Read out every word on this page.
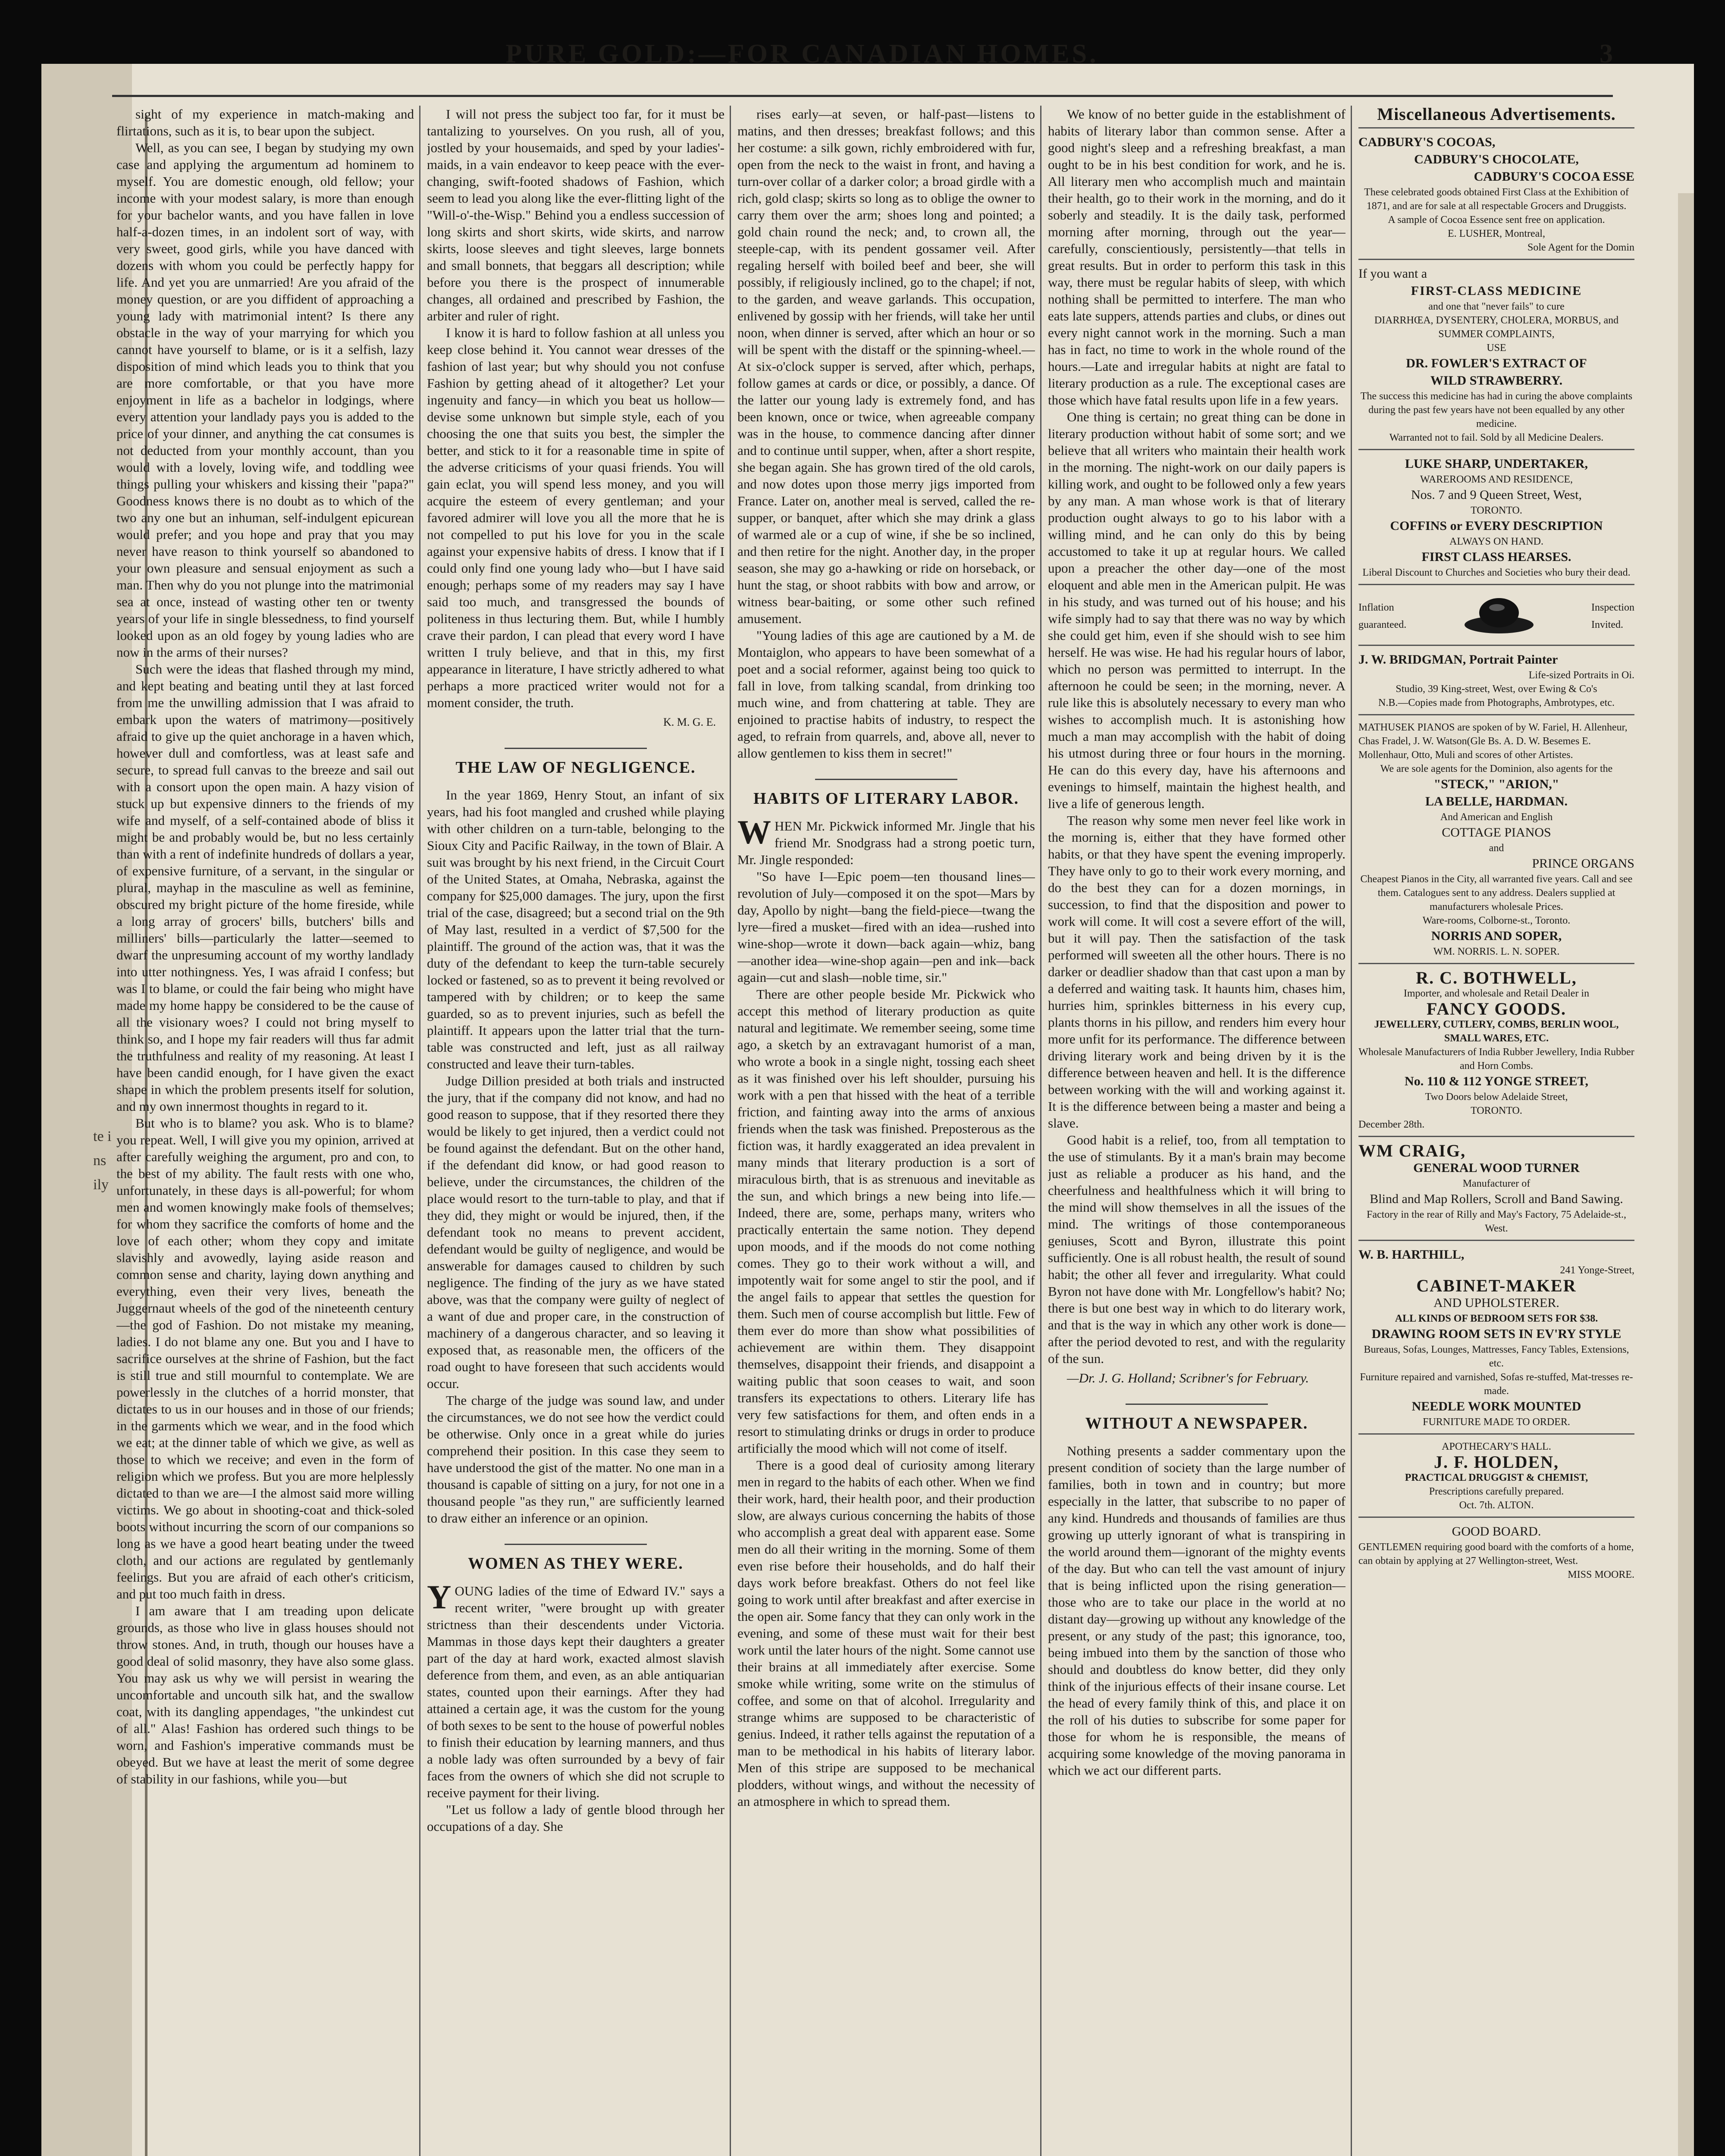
te i ns ily
PURE GOLD:—FOR CANADIAN HOMES.	3

sight of my experience in match-making and flirtations, such as it is, to bear upon the subject.

Well, as you can see, I began by studying my own case and applying the argumentum ad hominem to myself. You are domestic enough, old fellow; your income with your modest salary, is more than enough for your bachelor wants, and you have fallen in love half-a-dozen times, in an indolent sort of way, with very sweet, good girls, while you have danced with dozens with whom you could be perfectly happy for life. And yet you are unmarried! Are you afraid of the money question, or are you diffident of approaching a young lady with matrimonial intent? Is there any obstacle in the way of your marrying for which you cannot have yourself to blame, or is it a selfish, lazy disposition of mind which leads you to think that you are more comfortable, or that you have more enjoyment in life as a bachelor in lodgings, where every attention your landlady pays you is added to the price of your dinner, and anything the cat consumes is not deducted from your monthly account, than you would with a lovely, loving wife, and toddling wee things pulling your whiskers and kissing their "papa?" Goodness knows there is no doubt as to which of the two any one but an inhuman, self-indulgent epicurean would prefer; and you hope and pray that you may never have reason to think yourself so abandoned to your own pleasure and sensual enjoyment as such a man. Then why do you not plunge into the matrimonial sea at once, instead of wasting other ten or twenty years of your life in single blessedness, to find yourself looked upon as an old fogey by young ladies who are now in the arms of their nurses?

Such were the ideas that flashed through my mind, and kept beating and beating until they at last forced from me the unwilling admission that I was afraid to embark upon the waters of matrimony—positively afraid to give up the quiet anchorage in a haven which, however dull and comfortless, was at least safe and secure, to spread full canvas to the breeze and sail out with a consort upon the open main. A hazy vision of stuck up but expensive dinners to the friends of my wife and myself, of a self-contained abode of bliss it might be and probably would be, but no less certainly than with a rent of indefinite hundreds of dollars a year, of expensive furniture, of a servant, in the singular or plural, mayhap in the masculine as well as feminine, obscured my bright picture of the home fireside, while a long array of grocers' bills, butchers' bills and milliners' bills—particularly the latter—seemed to dwarf the unpresuming account of my worthy landlady into utter nothingness. Yes, I was afraid I confess; but was I to blame, or could the fair being who might have made my home happy be considered to be the cause of all the visionary woes? I could not bring myself to think so, and I hope my fair readers will thus far admit the truthfulness and reality of my reasoning. At least I have been candid enough, for I have given the exact shape in which the problem presents itself for solution, and my own innermost thoughts in regard to it.

But who is to blame? you ask. Who is to blame? you repeat. Well, I will give you my opinion, arrived at after carefully weighing the argument, pro and con, to the best of my ability. The fault rests with one who, unfortunately, in these days is all-powerful; for whom men and women knowingly make fools of themselves; for whom they sacrifice the comforts of home and the love of each other; whom they copy and imitate slavishly and avowedly, laying aside reason and common sense and charity, laying down anything and everything, even their very lives, beneath the Juggernaut wheels of the god of the nineteenth century—the god of Fashion. Do not mistake my meaning, ladies. I do not blame any one. But you and I have to sacrifice ourselves at the shrine of Fashion, but the fact is still true and still mournful to contemplate. We are powerlessly in the clutches of a horrid monster, that dictates to us in our houses and in those of our friends; in the garments which we wear, and in the food which we eat; at the dinner table of which we give, as well as those to which we receive; and even in the form of religion which we profess. But you are more helplessly dictated to than we are—I the almost said more willing victims. We go about in shooting-coat and thick-soled boots without incurring the scorn of our companions so long as we have a good heart beating under the tweed cloth, and our actions are regulated by gentlemanly feelings. But you are afraid of each other's criticism, and put too much faith in dress.

I am aware that I am treading upon delicate grounds, as those who live in glass houses should not throw stones. And, in truth, though our houses have a good deal of solid masonry, they have also some glass. You may ask us why we will persist in wearing the uncomfortable and uncouth silk hat, and the swallow coat, with its dangling appendages, "the unkindest cut of all." Alas! Fashion has ordered such things to be worn, and Fashion's imperative commands must be obeyed. But we have at least the merit of some degree of stability in our fashions, while you—but

I will not press the subject too far, for it must be tantalizing to yourselves. On you rush, all of you, jostled by your housemaids, and sped by your ladies'-maids, in a vain endeavor to keep peace with the ever-changing, swift-footed shadows of Fashion, which seem to lead you along like the ever-flitting light of the "Will-o'-the-Wisp." Behind you a endless succession of long skirts and short skirts, wide skirts, and narrow skirts, loose sleeves and tight sleeves, large bonnets and small bonnets, that beggars all description; while before you there is the prospect of innumerable changes, all ordained and prescribed by Fashion, the arbiter and ruler of right.

I know it is hard to follow fashion at all unless you keep close behind it. You cannot wear dresses of the fashion of last year; but why should you not confuse Fashion by getting ahead of it altogether? Let your ingenuity and fancy—in which you beat us hollow—devise some unknown but simple style, each of you choosing the one that suits you best, the simpler the better, and stick to it for a reasonable time in spite of the adverse criticisms of your quasi friends. You will gain eclat, you will spend less money, and you will acquire the esteem of every gentleman; and your favored admirer will love you all the more that he is not compelled to put his love for you in the scale against your expensive habits of dress. I know that if I could only find one young lady who—but I have said enough; perhaps some of my readers may say I have said too much, and transgressed the bounds of politeness in thus lecturing them. But, while I humbly crave their pardon, I can plead that every word I have written I truly believe, and that in this, my first appearance in literature, I have strictly adhered to what perhaps a more practiced writer would not for a moment consider, the truth.

K. M. G. E.
THE LAW OF NEGLIGENCE.

In the year 1869, Henry Stout, an infant of six years, had his foot mangled and crushed while playing with other children on a turn-table, belonging to the Sioux City and Pacific Railway, in the town of Blair. A suit was brought by his next friend, in the Circuit Court of the United States, at Omaha, Nebraska, against the company for $25,000 damages. The jury, upon the first trial of the case, disagreed; but a second trial on the 9th of May last, resulted in a verdict of $7,500 for the plaintiff. The ground of the action was, that it was the duty of the defendant to keep the turn-table securely locked or fastened, so as to prevent it being revolved or tampered with by children; or to keep the same guarded, so as to prevent injuries, such as befell the plaintiff. It appears upon the latter trial that the turn-table was constructed and left, just as all railway constructed and leave their turn-tables.

Judge Dillion presided at both trials and instructed the jury, that if the company did not know, and had no good reason to suppose, that if they resorted there they would be likely to get injured, then a verdict could not be found against the defendant. But on the other hand, if the defendant did know, or had good reason to believe, under the circumstances, the children of the place would resort to the turn-table to play, and that if they did, they might or would be injured, then, if the defendant took no means to prevent accident, defendant would be guilty of negligence, and would be answerable for damages caused to children by such negligence. The finding of the jury as we have stated above, was that the company were guilty of neglect of a want of due and proper care, in the construction of machinery of a dangerous character, and so leaving it exposed that, as reasonable men, the officers of the road ought to have foreseen that such accidents would occur.

The charge of the judge was sound law, and under the circumstances, we do not see how the verdict could be otherwise. Only once in a great while do juries comprehend their position. In this case they seem to have understood the gist of the matter. No one man in a thousand is capable of sitting on a jury, for not one in a thousand people "as they run," are sufficiently learned to draw either an inference or an opinion.

WOMEN AS THEY WERE.

YOUNG ladies of the time of Edward IV." says a recent writer, "were brought up with greater strictness than their descendents under Victoria. Mammas in those days kept their daughters a greater part of the day at hard work, exacted almost slavish deference from them, and even, as an able antiquarian states, counted upon their earnings. After they had attained a certain age, it was the custom for the young of both sexes to be sent to the house of powerful nobles to finish their education by learning manners, and thus a noble lady was often surrounded by a bevy of fair faces from the owners of which she did not scruple to receive payment for their living.

"Let us follow a lady of gentle blood through her occupations of a day. She

rises early—at seven, or half-past—listens to matins, and then dresses; breakfast follows; and this her costume: a silk gown, richly embroidered with fur, open from the neck to the waist in front, and having a turn-over collar of a darker color; a broad girdle with a rich, gold clasp; skirts so long as to oblige the owner to carry them over the arm; shoes long and pointed; a gold chain round the neck; and, to crown all, the steeple-cap, with its pendent gossamer veil. After regaling herself with boiled beef and beer, she will possibly, if religiously inclined, go to the chapel; if not, to the garden, and weave garlands. This occupation, enlivened by gossip with her friends, will take her until noon, when dinner is served, after which an hour or so will be spent with the distaff or the spinning-wheel.—At six-o'clock supper is served, after which, perhaps, follow games at cards or dice, or possibly, a dance. Of the latter our young lady is extremely fond, and has been known, once or twice, when agreeable company was in the house, to commence dancing after dinner and to continue until supper, when, after a short respite, she began again. She has grown tired of the old carols, and now dotes upon those merry jigs imported from France. Later on, another meal is served, called the re-supper, or banquet, after which she may drink a glass of warmed ale or a cup of wine, if she be so inclined, and then retire for the night. Another day, in the proper season, she may go a-hawking or ride on horseback, or hunt the stag, or shoot rabbits with bow and arrow, or witness bear-baiting, or some other such refined amusement.

"Young ladies of this age are cautioned by a M. de Montaiglon, who appears to have been somewhat of a poet and a social reformer, against being too quick to fall in love, from talking scandal, from drinking too much wine, and from chattering at table. They are enjoined to practise habits of industry, to respect the aged, to refrain from quarrels, and, above all, never to allow gentlemen to kiss them in secret!"

HABITS OF LITERARY LABOR.

WHEN Mr. Pickwick informed Mr. Jingle that his friend Mr. Snodgrass had a strong poetic turn, Mr. Jingle responded:

"So have I—Epic poem—ten thousand lines—revolution of July—composed it on the spot—Mars by day, Apollo by night—bang the field-piece—twang the lyre—fired a musket—fired with an idea—rushed into wine-shop—wrote it down—back again—whiz, bang—another idea—wine-shop again—pen and ink—back again—cut and slash—noble time, sir."

There are other people beside Mr. Pickwick who accept this method of literary production as quite natural and legitimate. We remember seeing, some time ago, a sketch by an extravagant humorist of a man, who wrote a book in a single night, tossing each sheet as it was finished over his left shoulder, pursuing his work with a pen that hissed with the heat of a terrible friction, and fainting away into the arms of anxious friends when the task was finished. Preposterous as the fiction was, it hardly exaggerated an idea prevalent in many minds that literary production is a sort of miraculous birth, that is as strenuous and inevitable as the sun, and which brings a new being into life.—Indeed, there are, some, perhaps many, writers who practically entertain the same notion. They depend upon moods, and if the moods do not come nothing comes. They go to their work without a will, and impotently wait for some angel to stir the pool, and if the angel fails to appear that settles the question for them. Such men of course accomplish but little. Few of them ever do more than show what possibilities of achievement are within them. They disappoint themselves, disappoint their friends, and disappoint a waiting public that soon ceases to wait, and soon transfers its expectations to others. Literary life has very few satisfactions for them, and often ends in a resort to stimulating drinks or drugs in order to produce artificially the mood which will not come of itself.

There is a good deal of curiosity among literary men in regard to the habits of each other. When we find their work, hard, their health poor, and their production slow, are always curious concerning the habits of those who accomplish a great deal with apparent ease. Some men do all their writing in the morning. Some of them even rise before their households, and do half their days work before breakfast. Others do not feel like going to work until after breakfast and after exercise in the open air. Some fancy that they can only work in the evening, and some of these must wait for their best work until the later hours of the night. Some cannot use their brains at all immediately after exercise. Some smoke while writing, some write on the stimulus of coffee, and some on that of alcohol. Irregularity and strange whims are supposed to be characteristic of genius. Indeed, it rather tells against the reputation of a man to be methodical in his habits of literary labor. Men of this stripe are supposed to be mechanical plodders, without wings, and without the necessity of an atmosphere in which to spread them.

We know of no better guide in the establishment of habits of literary labor than common sense. After a good night's sleep and a refreshing breakfast, a man ought to be in his best condition for work, and he is. All literary men who accomplish much and maintain their health, go to their work in the morning, and do it soberly and steadily. It is the daily task, performed morning after morning, through out the year—carefully, conscientiously, persistently—that tells in great results. But in order to perform this task in this way, there must be regular habits of sleep, with which nothing shall be permitted to interfere. The man who eats late suppers, attends parties and clubs, or dines out every night cannot work in the morning. Such a man has in fact, no time to work in the whole round of the hours.—Late and irregular habits at night are fatal to literary production as a rule. The exceptional cases are those which have fatal results upon life in a few years.

One thing is certain; no great thing can be done in literary production without habit of some sort; and we believe that all writers who maintain their health work in the morning. The night-work on our daily papers is killing work, and ought to be followed only a few years by any man. A man whose work is that of literary production ought always to go to his labor with a willing mind, and he can only do this by being accustomed to take it up at regular hours. We called upon a preacher the other day—one of the most eloquent and able men in the American pulpit. He was in his study, and was turned out of his house; and his wife simply had to say that there was no way by which she could get him, even if she should wish to see him herself. He was wise. He had his regular hours of labor, which no person was permitted to interrupt. In the afternoon he could be seen; in the morning, never. A rule like this is absolutely necessary to every man who wishes to accomplish much. It is astonishing how much a man may accomplish with the habit of doing his utmost during three or four hours in the morning. He can do this every day, have his afternoons and evenings to himself, maintain the highest health, and live a life of generous length.

The reason why some men never feel like work in the morning is, either that they have formed other habits, or that they have spent the evening improperly. They have only to go to their work every morning, and do the best they can for a dozen mornings, in succession, to find that the disposition and power to work will come. It will cost a severe effort of the will, but it will pay. Then the satisfaction of the task performed will sweeten all the other hours. There is no darker or deadlier shadow than that cast upon a man by a deferred and waiting task. It haunts him, chases him, hurries him, sprinkles bitterness in his every cup, plants thorns in his pillow, and renders him every hour more unfit for its performance. The difference between driving literary work and being driven by it is the difference between heaven and hell. It is the difference between working with the will and working against it. It is the difference between being a master and being a slave.

Good habit is a relief, too, from all temptation to the use of stimulants. By it a man's brain may become just as reliable a producer as his hand, and the cheerfulness and healthfulness which it will bring to the mind will show themselves in all the issues of the mind. The writings of those contemporaneous geniuses, Scott and Byron, illustrate this point sufficiently. One is all robust health, the result of sound habit; the other all fever and irregularity. What could Byron not have done with Mr. Longfellow's habit? No; there is but one best way in which to do literary work, and that is the way in which any other work is done—after the period devoted to rest, and with the regularity of the sun.

—Dr. J. G. Holland; Scribner's for February.

WITHOUT A NEWSPAPER.

Nothing presents a sadder commentary upon the present condition of society than the large number of families, both in town and in country; but more especially in the latter, that subscribe to no paper of any kind. Hundreds and thousands of families are thus growing up utterly ignorant of what is transpiring in the world around them—ignorant of the mighty events of the day. But who can tell the vast amount of injury that is being inflicted upon the rising generation—those who are to take our place in the world at no distant day—growing up without any knowledge of the present, or any study of the past; this ignorance, too, being imbued into them by the sanction of those who should and doubtless do know better, did they only think of the injurious effects of their insane course. Let the head of every family think of this, and place it on the roll of his duties to subscribe for some paper for those for whom he is responsible, the means of acquiring some knowledge of the moving panorama in which we act our different parts.

Miscellaneous Advertisements.
CADBURY'S COCOAS,
CADBURY'S CHOCOLATE,
CADBURY'S COCOA ESSE
These celebrated goods obtained First Class at the Exhibition of 1871, and are for sale at all respectable Grocers and Druggists.
A sample of Cocoa Essence sent free on application.
E. LUSHER, Montreal,
Sole Agent for the Domin
If you want a
FIRST-CLASS MEDICINE
and one that "never fails" to cure
DIARRHŒA, DYSENTERY, CHOLERA, MORBUS, and SUMMER COMPLAINTS,
USE
DR. FOWLER'S EXTRACT OF
WILD STRAWBERRY.
The success this medicine has had in curing the above complaints during the past few years have not been equalled by any other medicine.
Warranted not to fail. Sold by all Medicine Dealers.
LUKE SHARP, UNDERTAKER,
WAREROOMS AND RESIDENCE,
Nos. 7 and 9 Queen Street, West,
TORONTO.
COFFINS or EVERY DESCRIPTION
ALWAYS ON HAND.
FIRST CLASS HEARSES.
Liberal Discount to Churches and Societies who bury their dead.
Inflation
guaranteed.
Inspection
Invited.
J. W. BRIDGMAN, Portrait Painter
Life-sized Portraits in Oi.
Studio, 39 King-street, West, over Ewing & Co's
N.B.—Copies made from Photographs, Ambrotypes, etc.
MATHUSEK PIANOS are spoken of by W. Fariel, H. Allenheur, Chas Fradel, J. W. Watson(Gle Bs. A. D. W. Besemes E. Mollenhaur, Otto, Muli and scores of other Artistes.
We are sole agents for the Dominion, also agents for the
"STECK," "ARION,"
LA BELLE, HARDMAN.
And American and English
COTTAGE PIANOS
and
PRINCE ORGANS
Cheapest Pianos in the City, all warranted five years. Call and see them. Catalogues sent to any address. Dealers supplied at manufacturers wholesale Prices.
Ware-rooms, Colborne-st., Toronto.
NORRIS AND SOPER,
WM. NORRIS. L. N. SOPER.
R. C. BOTHWELL,
Importer, and wholesale and Retail Dealer in
FANCY GOODS.
JEWELLERY, CUTLERY, COMBS, BERLIN WOOL, SMALL WARES, ETC.
Wholesale Manufacturers of India Rubber Jewellery, India Rubber and Horn Combs.
No. 110 & 112 YONGE STREET,
Two Doors below Adelaide Street,
TORONTO.
December 28th.
WM CRAIG,
GENERAL WOOD TURNER
Manufacturer of
Blind and Map Rollers, Scroll and Band Sawing.
Factory in the rear of Rilly and May's Factory, 75 Adelaide-st., West.
W. B. HARTHILL,
241 Yonge-Street,
CABINET-MAKER
AND UPHOLSTERER.
ALL KINDS OF BEDROOM SETS FOR $38.
DRAWING ROOM SETS IN EV'RY STYLE
Bureaus, Sofas, Lounges, Mattresses, Fancy Tables, Extensions, etc.
Furniture repaired and varnished, Sofas re-stuffed, Mat-tresses re-made.
NEEDLE WORK MOUNTED
FURNITURE MADE TO ORDER.
APOTHECARY'S HALL.
J. F. HOLDEN,
PRACTICAL DRUGGIST & CHEMIST,
Prescriptions carefully prepared.
Oct. 7th. ALTON.
GOOD BOARD.
GENTLEMEN requiring good board with the comforts of a home, can obtain by applying at 27 Wellington-street, West.
MISS MOORE.
